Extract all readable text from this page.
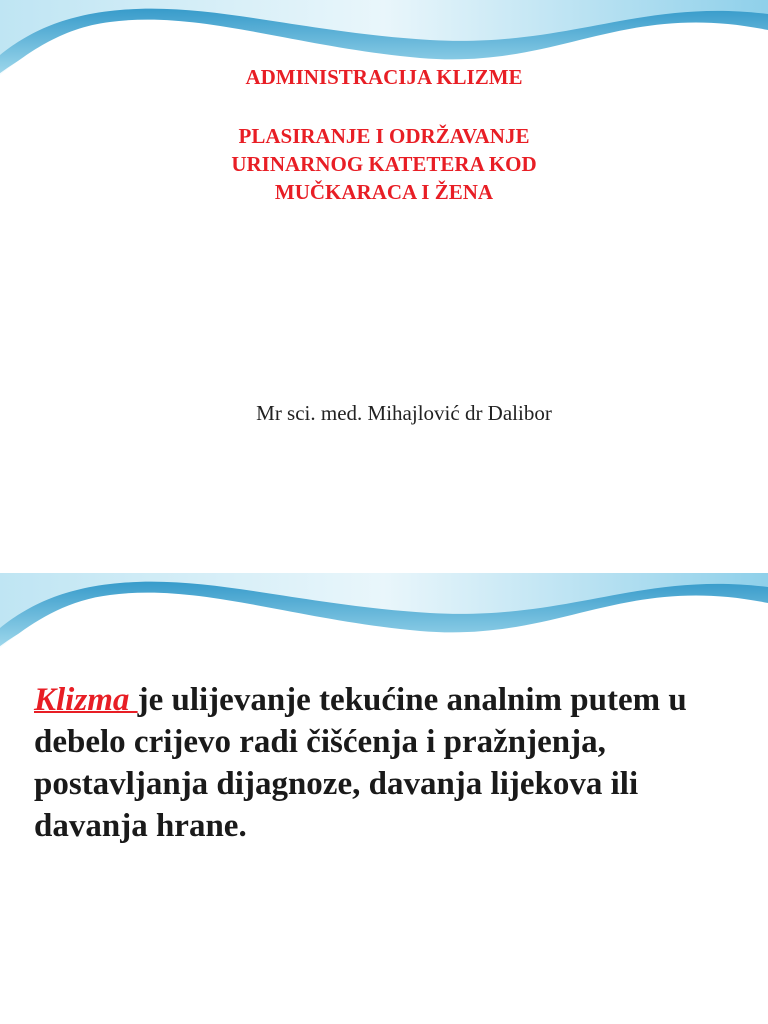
ADMINISTRACIJA KLIZME

PLASIRANJE I ODRŽAVANJE
URINARNOG KATETERA KOD
MUČKARACA I ŽENA
Mr sci. med. Mihajlović dr Dalibor

Klizma je ulijevanje tekućine analnim putem u debelo crijevo radi čišćenja i pražnjenja, postavljanja dijagnoze, davanja lijekova ili davanja hrane.
